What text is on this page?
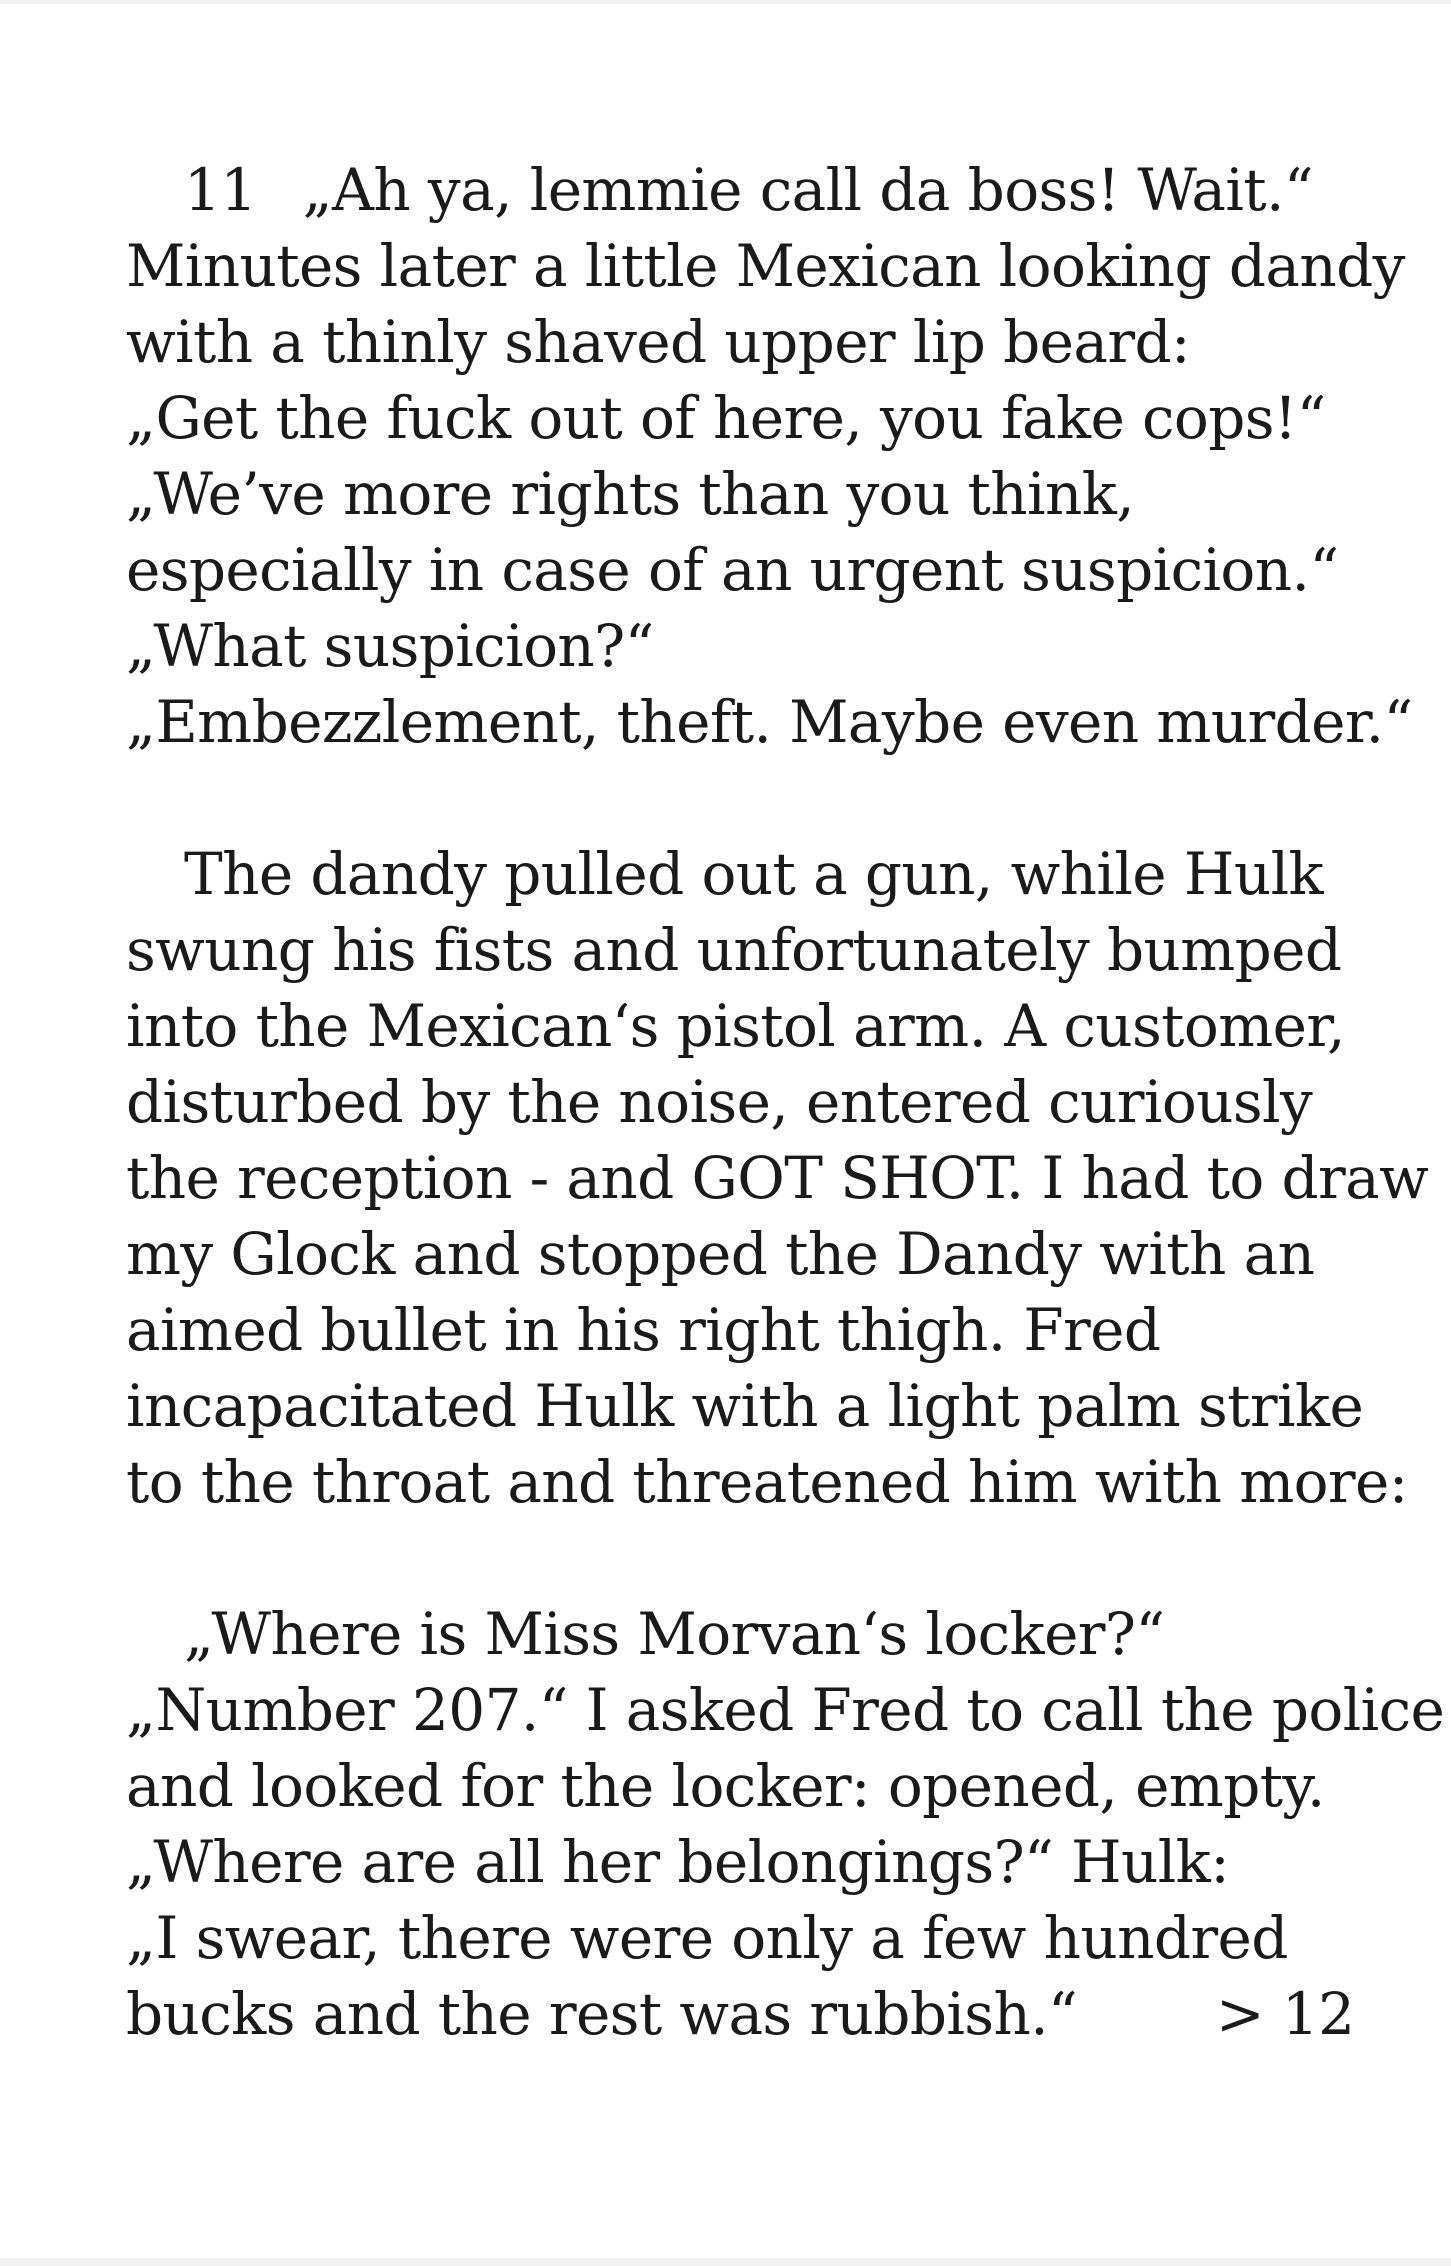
11 „Ah ya, lemmie call da boss! Wait.“
Minutes later a little Mexican looking dandy
with a thinly shaved upper lip beard:
„Get the fuck out of here, you fake cops!“
„We’ve more rights than you think,
especially in case of an urgent suspicion.“
„What suspicion?“
„Embezzlement, theft. Maybe even murder.“
The dandy pulled out a gun, while Hulk
swung his fists and unfortunately bumped
into the Mexican‘s pistol arm. A customer,
disturbed by the noise, entered curiously
the reception - and GOT SHOT. I had to draw
my Glock and stopped the Dandy with an
aimed bullet in his right thigh. Fred
incapacitated Hulk with a light palm strike
to the throat and threatened him with more:
„Where is Miss Morvan‘s locker?“
„Number 207.“ I asked Fred to call the police
and looked for the locker: opened, empty.
„Where are all her belongings?“ Hulk:
„I swear, there were only a few hundred
bucks and the rest was rubbish.“ > 12
